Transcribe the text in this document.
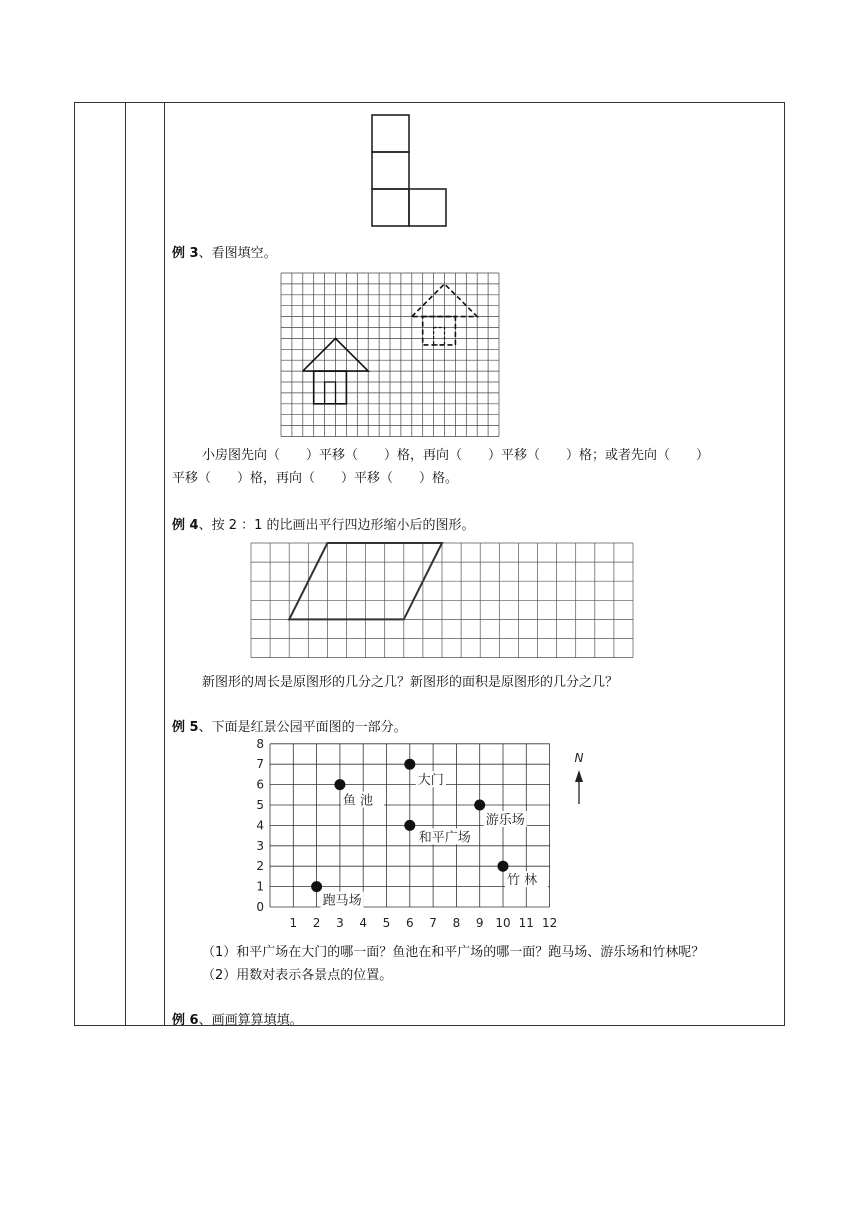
例 3、看图填空。
小房图先向（　　）平移（　　）格，再向（　　）平移（　　）格；或者先向（　　）
平移（　　）格，再向（　　）平移（　　）格。
例 4、按 2 ：1 的比画出平行四边形缩小后的图形。
新图形的周长是原图形的几分之几？新图形的面积是原图形的几分之几？
例 5、下面是红景公园平面图的一部分。
1 2 3 4 5 6 7 8 9 10 11 12
0
1
2
3
4
5
6
7
8
大门
鱼 池
游乐场
和平广场
竹 林
跑马场
N
（1）和平广场在大门的哪一面？鱼池在和平广场的哪一面？跑马场、游乐场和竹林呢？
（2）用数对表示各景点的位置。
例 6、画画算算填填。
